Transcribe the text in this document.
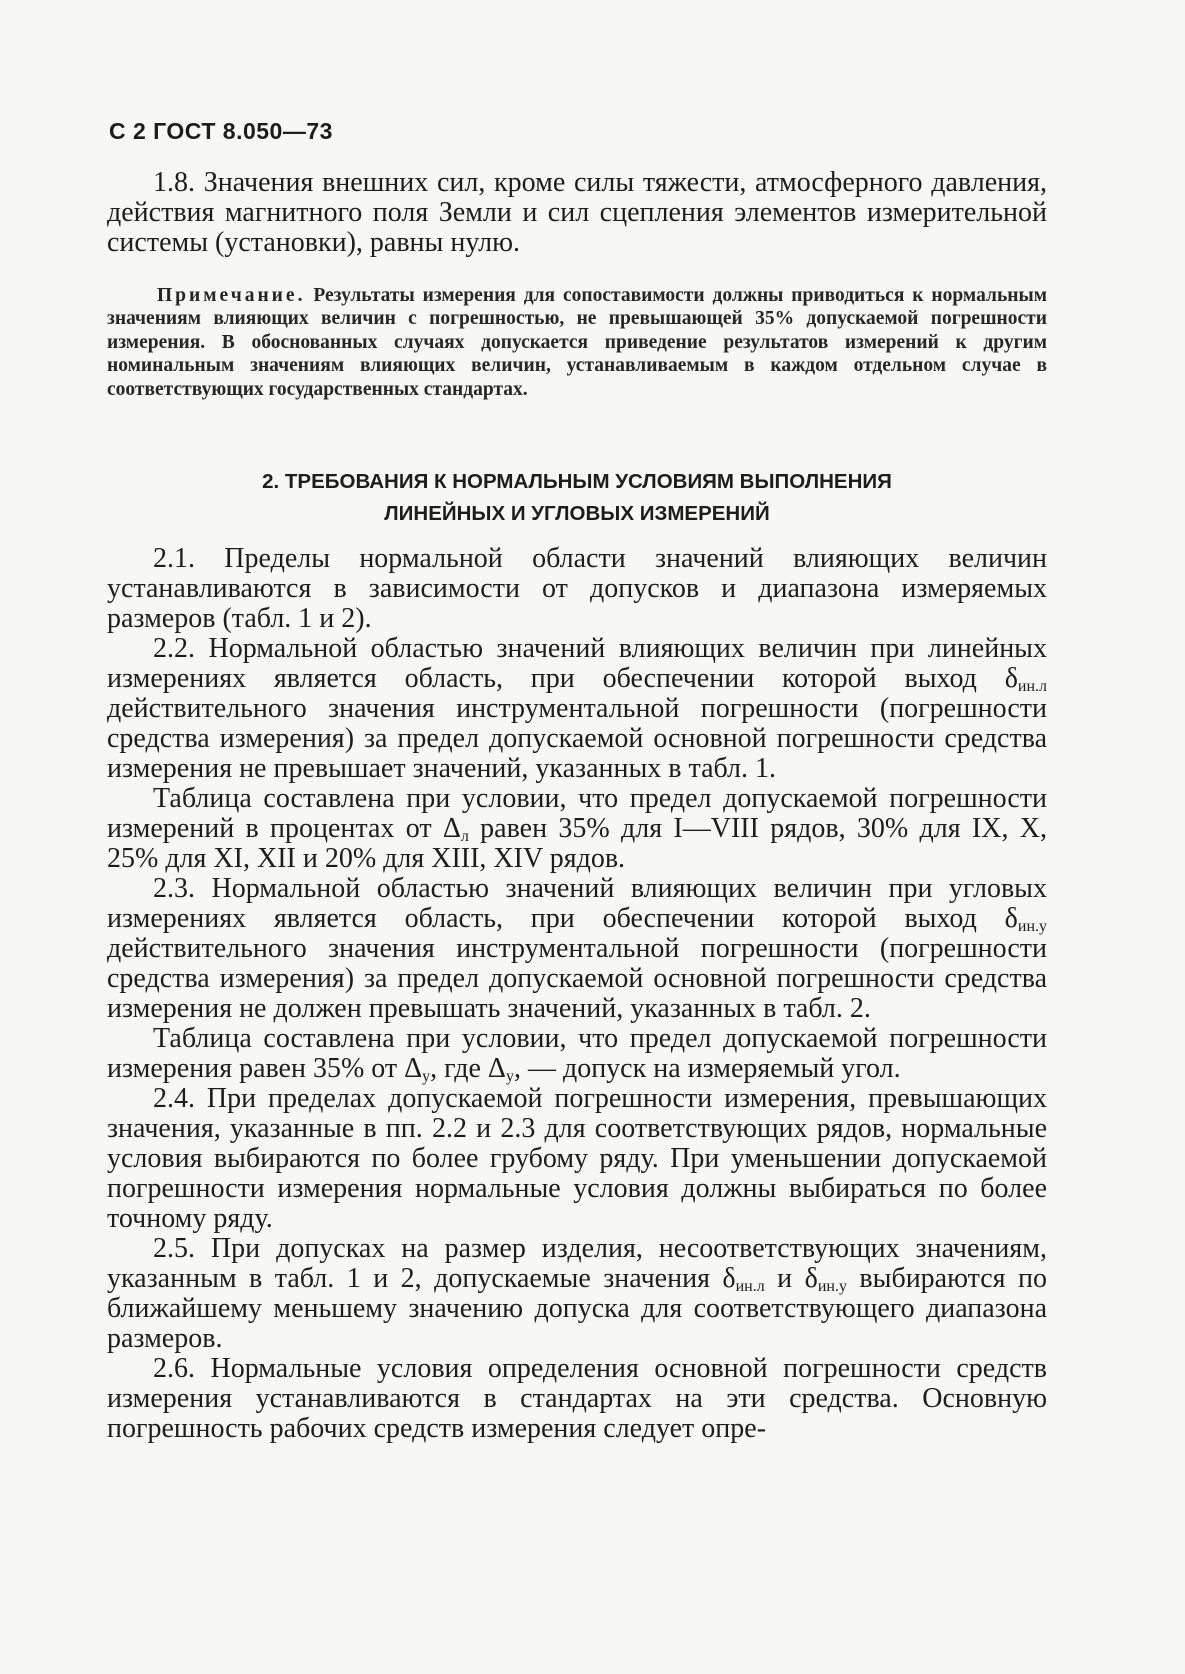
С 2 ГОСТ 8.050—73

1.8. Значения внешних сил, кроме силы тяжести, атмосферного давления, действия магнитного поля Земли и сил сцепления элементов измерительной системы (установки), равны нулю.

Примечание. Результаты измерения для сопоставимости должны приводиться к нормальным значениям влияющих величин с погрешностью, не превышающей 35% допускаемой погрешности измерения. В обоснованных случаях допускается приведение результатов измерений к другим номинальным значениям влияющих величин, устанавливаемым в каждом отдельном случае в соответствующих государственных стандартах.

2. ТРЕБОВАНИЯ К НОРМАЛЬНЫМ УСЛОВИЯМ ВЫПОЛНЕНИЯ
ЛИНЕЙНЫХ И УГЛОВЫХ ИЗМЕРЕНИЙ

2.1. Пределы нормальной области значений влияющих величин устанавливаются в зависимости от допусков и диапазона измеряемых размеров (табл. 1 и 2).

2.2. Нормальной областью значений влияющих величин при линейных измерениях является область, при обеспечении которой выход $\delta_{ин.л}$ действительного значения инструментальной погрешности (погрешности средства измерения) за предел допускаемой основной погрешности средства измерения не превышает значений, указанных в табл. 1.

Таблица составлена при условии, что предел допускаемой погрешности измерений в процентах от $\Delta_л$ равен 35% для I—VIII рядов, 30% для IX, X, 25% для XI, XII и 20% для XIII, XIV рядов.

2.3. Нормальной областью значений влияющих величин при угловых измерениях является область, при обеспечении которой выход $\delta_{ин.у}$ действительного значения инструментальной погрешности (погрешности средства измерения) за предел допускаемой основной погрешности средства измерения не должен превышать значений, указанных в табл. 2.

Таблица составлена при условии, что предел допускаемой погрешности измерения равен 35% от $\Delta_у$, где $\Delta_у$, — допуск на измеряемый угол.

2.4. При пределах допускаемой погрешности измерения, превышающих значения, указанные в пп. 2.2 и 2.3 для соответствующих рядов, нормальные условия выбираются по более грубому ряду. При уменьшении допускаемой погрешности измерения нормальные условия должны выбираться по более точному ряду.

2.5. При допусках на размер изделия, несоответствующих значениям, указанным в табл. 1 и 2, допускаемые значения $\delta_{ин.л}$ и $\delta_{ин.у}$ выбираются по ближайшему меньшему значению допуска для соответствующего диапазона размеров.

2.6. Нормальные условия определения основной погрешности средств измерения устанавливаются в стандартах на эти средства. Основную погрешность рабочих средств измерения следует опре-
